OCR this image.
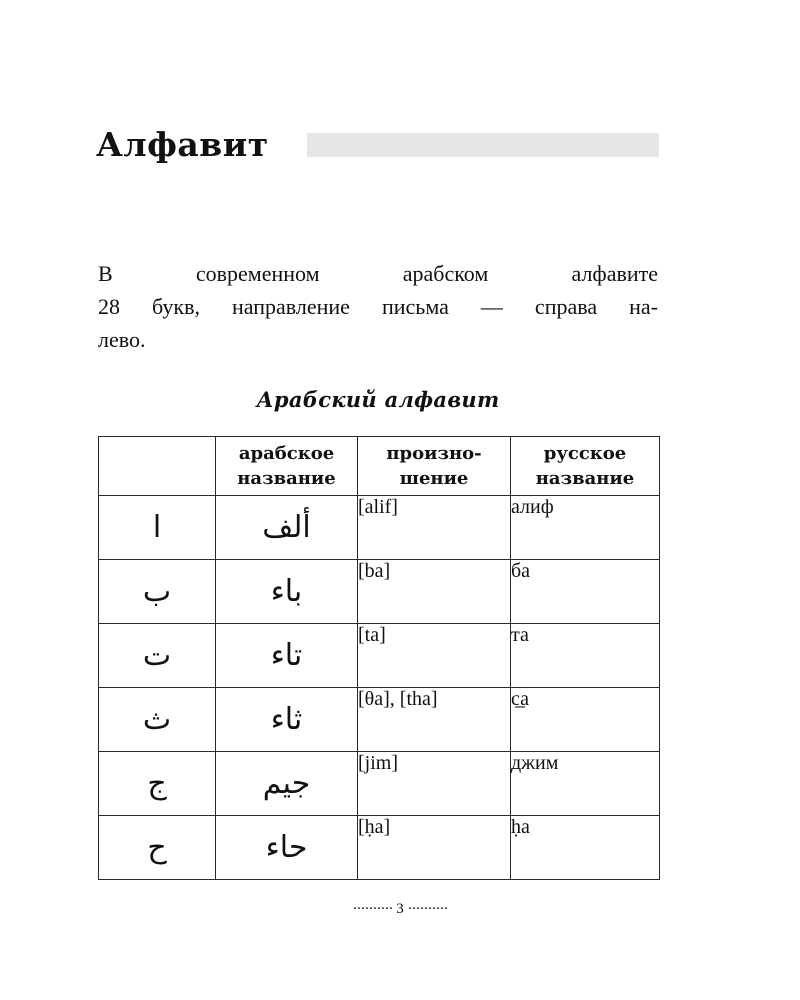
Алфавит

В современном арабском алфавите
28 букв, направление письма — справа на-
лево.

Арабский алфавит

	арабское название	произно- шение	русское название
ا	ألف	[alif]	алиф
ب	باء	[ba]	ба
ت	تاء	[ta]	та
ث	ثاء	[θa], [tha]	с̲а
ج	جيم	[jim]	джим
ح	حاء	[ḥa]	ḥа
·········· 3 ··········
